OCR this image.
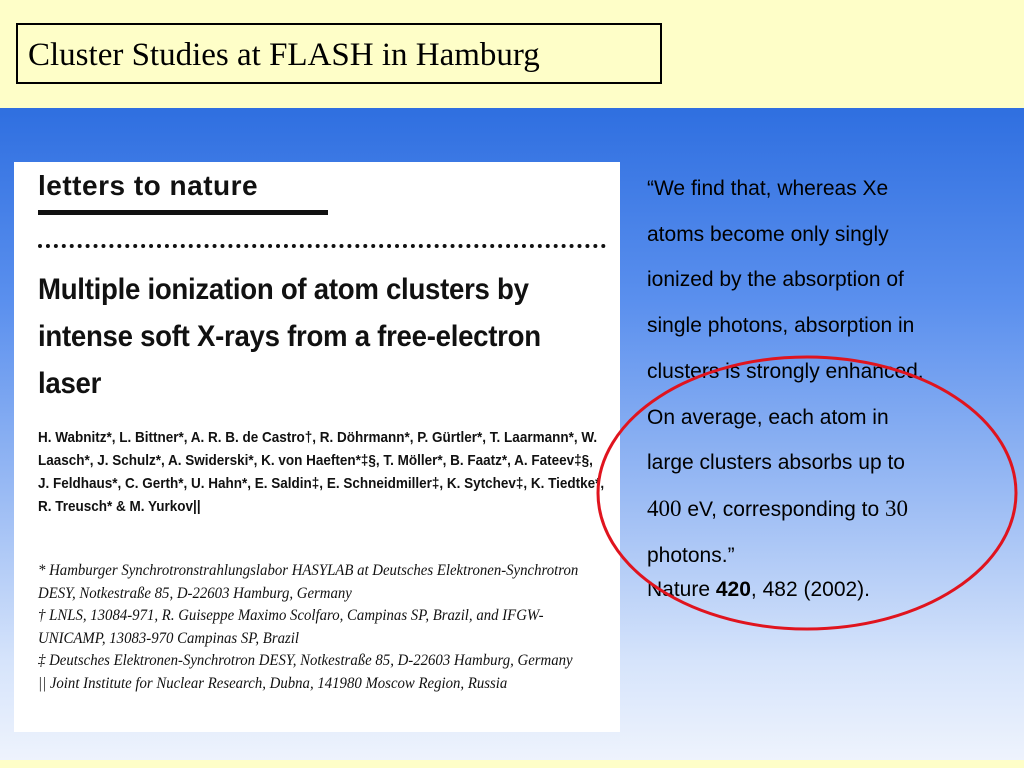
Cluster Studies at FLASH in Hamburg
letters to nature
Multiple ionization of atom clusters by intense soft X-rays from a free-electron laser
H. Wabnitz*, L. Bittner*, A. R. B. de Castro†, R. Döhrmann*, P. Gürtler*, T. Laarmann*, W. Laasch*, J. Schulz*, A. Swiderski*, K. von Haeften*‡§, T. Möller*, B. Faatz*, A. Fateev‡§, J. Feldhaus*, C. Gerth*, U. Hahn*, E. Saldin‡, E. Schneidmiller‡, K. Sytchev‡, K. Tiedtke*, R. Treusch* & M. Yurkov||
* Hamburger Synchrotronstrahlungslabor HASYLAB at Deutsches Elektronen-Synchrotron DESY, Notkestraße 85, D-22603 Hamburg, Germany
† LNLS, 13084-971, R. Guiseppe Maximo Scolfaro, Campinas SP, Brazil, and IFGW-UNICAMP, 13083-970 Campinas SP, Brazil
‡ Deutsches Elektronen-Synchrotron DESY, Notkestraße 85, D-22603 Hamburg, Germany
|| Joint Institute for Nuclear Research, Dubna, 141980 Moscow Region, Russia
“We find that, whereas Xe
atoms become only singly
ionized by the absorption of
single photons, absorption in
clusters is strongly enhanced.
On average, each atom in
large clusters absorbs up to
400 eV, corresponding to 30
photons.”
Nature 420, 482 (2002).
